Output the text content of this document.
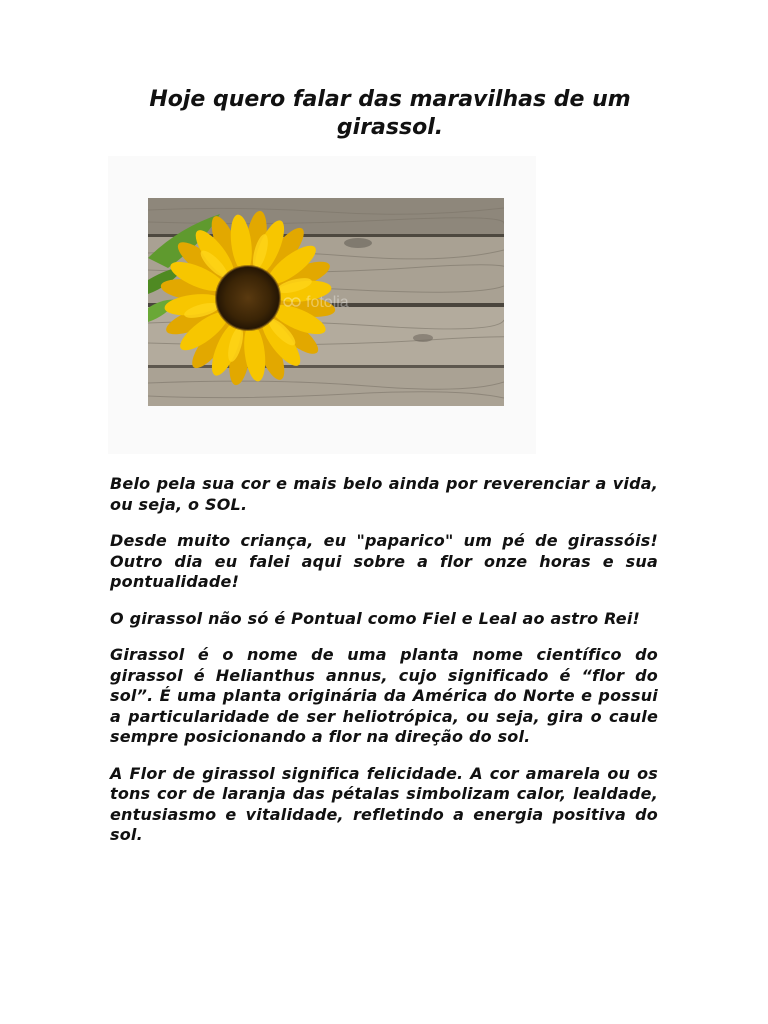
Hoje quero falar das maravilhas de um girassol.
fotolia

Belo pela sua cor e mais belo ainda por reverenciar a vida, ou seja, o SOL.

Desde muito criança, eu "paparico" um pé de girassóis! Outro dia eu falei aqui sobre a flor onze horas e sua pontualidade!

O girassol não só é Pontual como Fiel e Leal ao astro Rei!

Girassol é o nome de uma planta nome científico do girassol é Helianthus annus, cujo significado é “flor do sol”. É uma planta originária da América do Norte e possui a particularidade de ser heliotrópica, ou seja, gira o caule sempre posicionando a flor na direção do sol.

A Flor de girassol significa felicidade. A cor amarela ou os tons cor de laranja das pétalas simbolizam calor, lealdade, entusiasmo e vitalidade, refletindo a energia positiva do sol.
